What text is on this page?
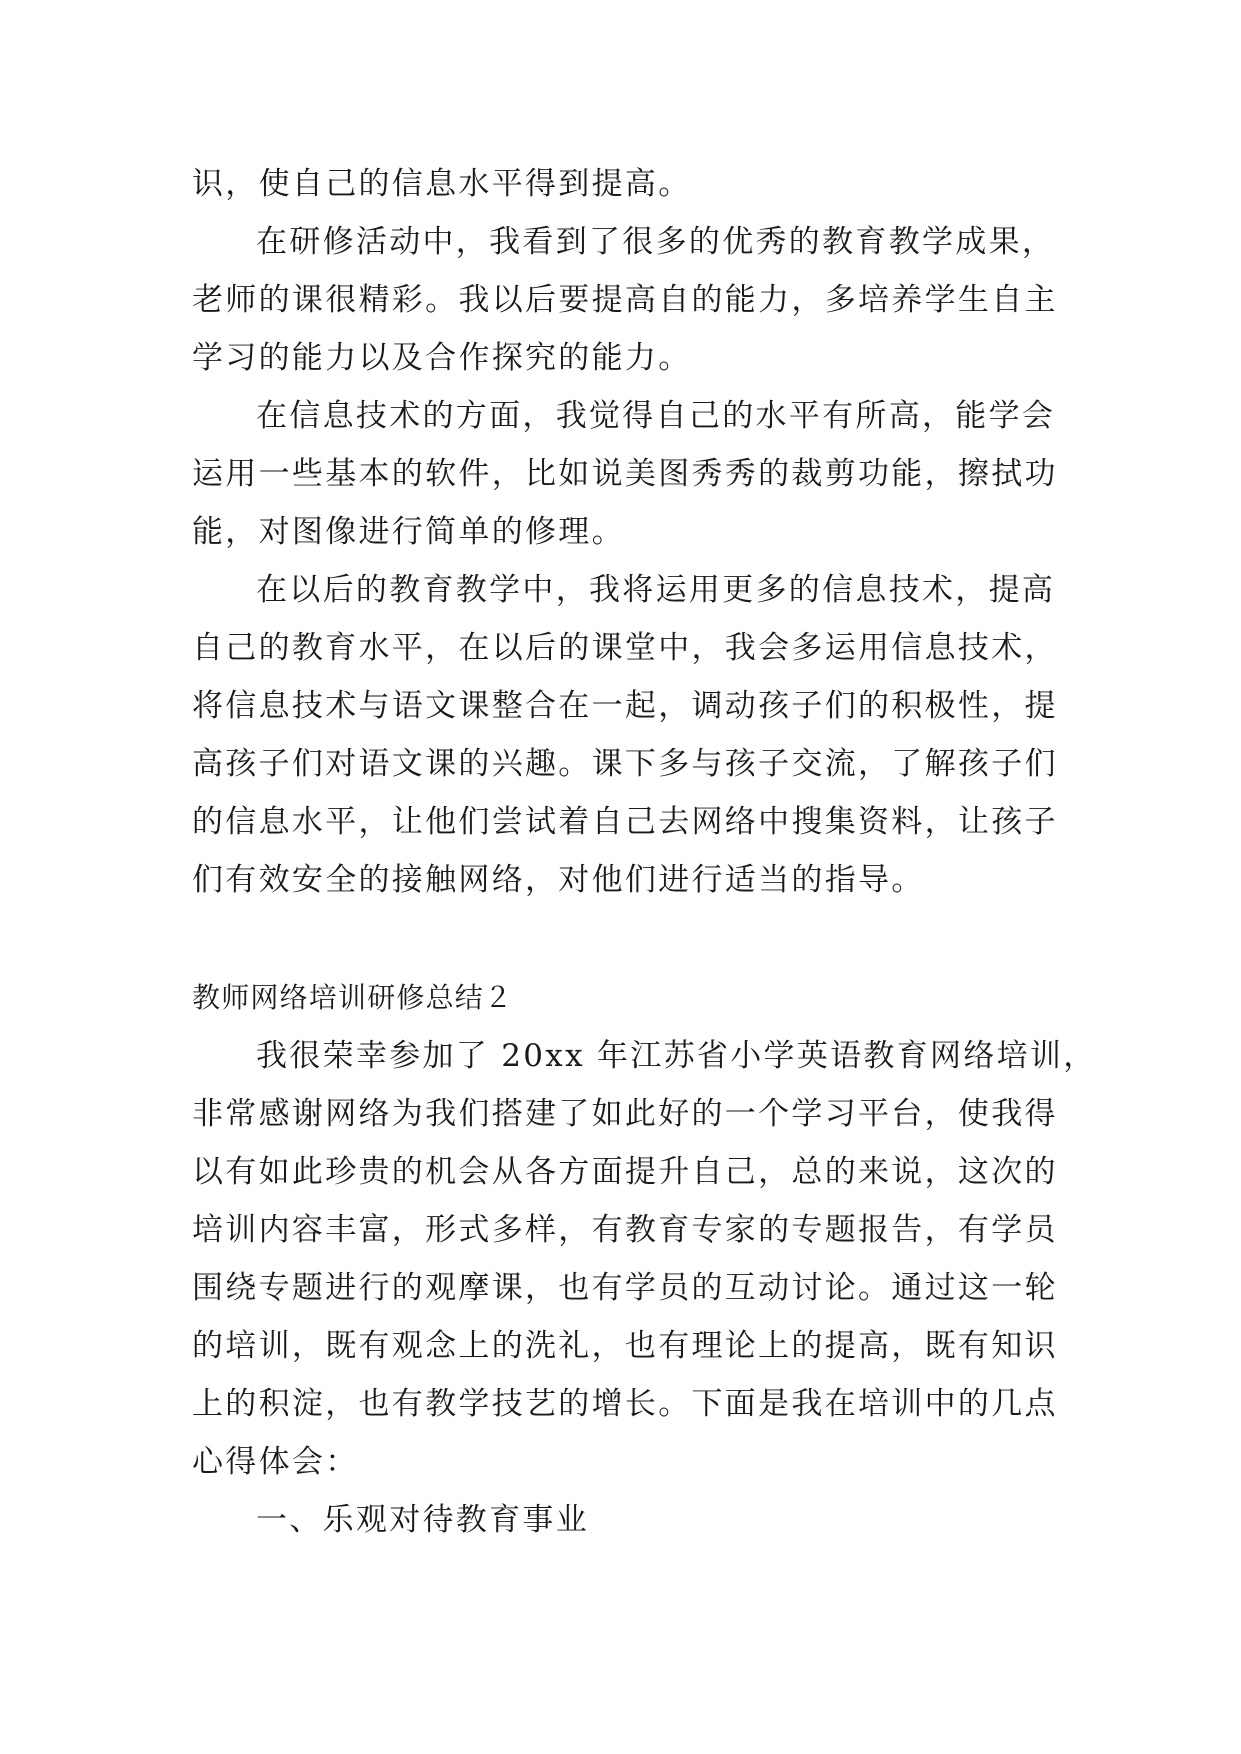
识，使自己的信息水平得到提高。
在研修活动中，我看到了很多的优秀的教育教学成果，
老师的课很精彩。我以后要提高自的能力，多培养学生自主
学习的能力以及合作探究的能力。
在信息技术的方面，我觉得自己的水平有所高，能学会
运用一些基本的软件，比如说美图秀秀的裁剪功能，擦拭功
能，对图像进行简单的修理。
在以后的教育教学中，我将运用更多的信息技术，提高
自己的教育水平，在以后的课堂中，我会多运用信息技术，
将信息技术与语文课整合在一起，调动孩子们的积极性，提
高孩子们对语文课的兴趣。课下多与孩子交流，了解孩子们
的信息水平，让他们尝试着自己去网络中搜集资料，让孩子
们有效安全的接触网络，对他们进行适当的指导。
教师网络培训研修总结２
我很荣幸参加了 20xx 年江苏省小学英语教育网络培训，
非常感谢网络为我们搭建了如此好的一个学习平台，使我得
以有如此珍贵的机会从各方面提升自己，总的来说，这次的
培训内容丰富，形式多样，有教育专家的专题报告，有学员
围绕专题进行的观摩课，也有学员的互动讨论。通过这一轮
的培训，既有观念上的洗礼，也有理论上的提高，既有知识
上的积淀，也有教学技艺的增长。下面是我在培训中的几点
心得体会：
一、乐观对待教育事业
